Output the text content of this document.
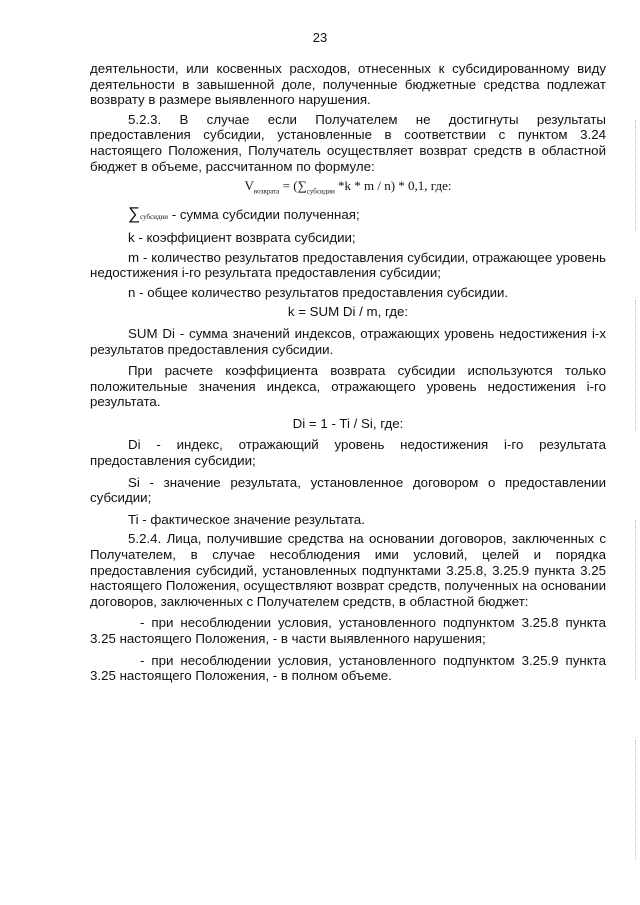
23

деятельности, или косвенных расходов, отнесенных к субсидированному виду деятельности в завышенной доле, полученные бюджетные средства подлежат возврату в размере выявленного нарушения.

5.2.3. В случае если Получателем не достигнуты результаты предоставления субсидии, установленные в соответствии с пунктом 3.24 настоящего Положения, Получатель осуществляет возврат средств в областной бюджет в объеме, рассчитанном по формуле:

$V_{возврата} = (\sum_{субсидии}$ *k * m / n) * 0,1, где:

∑субсидии - сумма субсидии полученная;

k - коэффициент возврата субсидии;

m - количество результатов предоставления субсидии, отражающее уровень недостижения i-го результата предоставления субсидии;

n - общее количество результатов предоставления субсидии.

k = SUM Di / m, где:

SUM Di - сумма значений индексов, отражающих уровень недостижения i-х результатов предоставления субсидии.

При расчете коэффициента возврата субсидии используются только положительные значения индекса, отражающего уровень недостижения i-го результата.

Di = 1 - Ti / Si, где:

Di - индекс, отражающий уровень недостижения i-го результата предоставления субсидии;

Si - значение результата, установленное договором о предоставлении субсидии;

Ti - фактическое значение результата.

5.2.4. Лица, получившие средства на основании договоров, заключенных с Получателем, в случае несоблюдения ими условий, целей и порядка предоставления субсидий, установленных подпунктами 3.25.8, 3.25.9 пункта 3.25 настоящего Положения, осуществляют возврат средств, полученных на основании договоров, заключенных с Получателем средств, в областной бюджет:

- при несоблюдении условия, установленного подпунктом 3.25.8 пункта 3.25 настоящего Положения, - в части выявленного нарушения;

- при несоблюдении условия, установленного подпунктом 3.25.9 пункта 3.25 настоящего Положения, - в полном объеме.
